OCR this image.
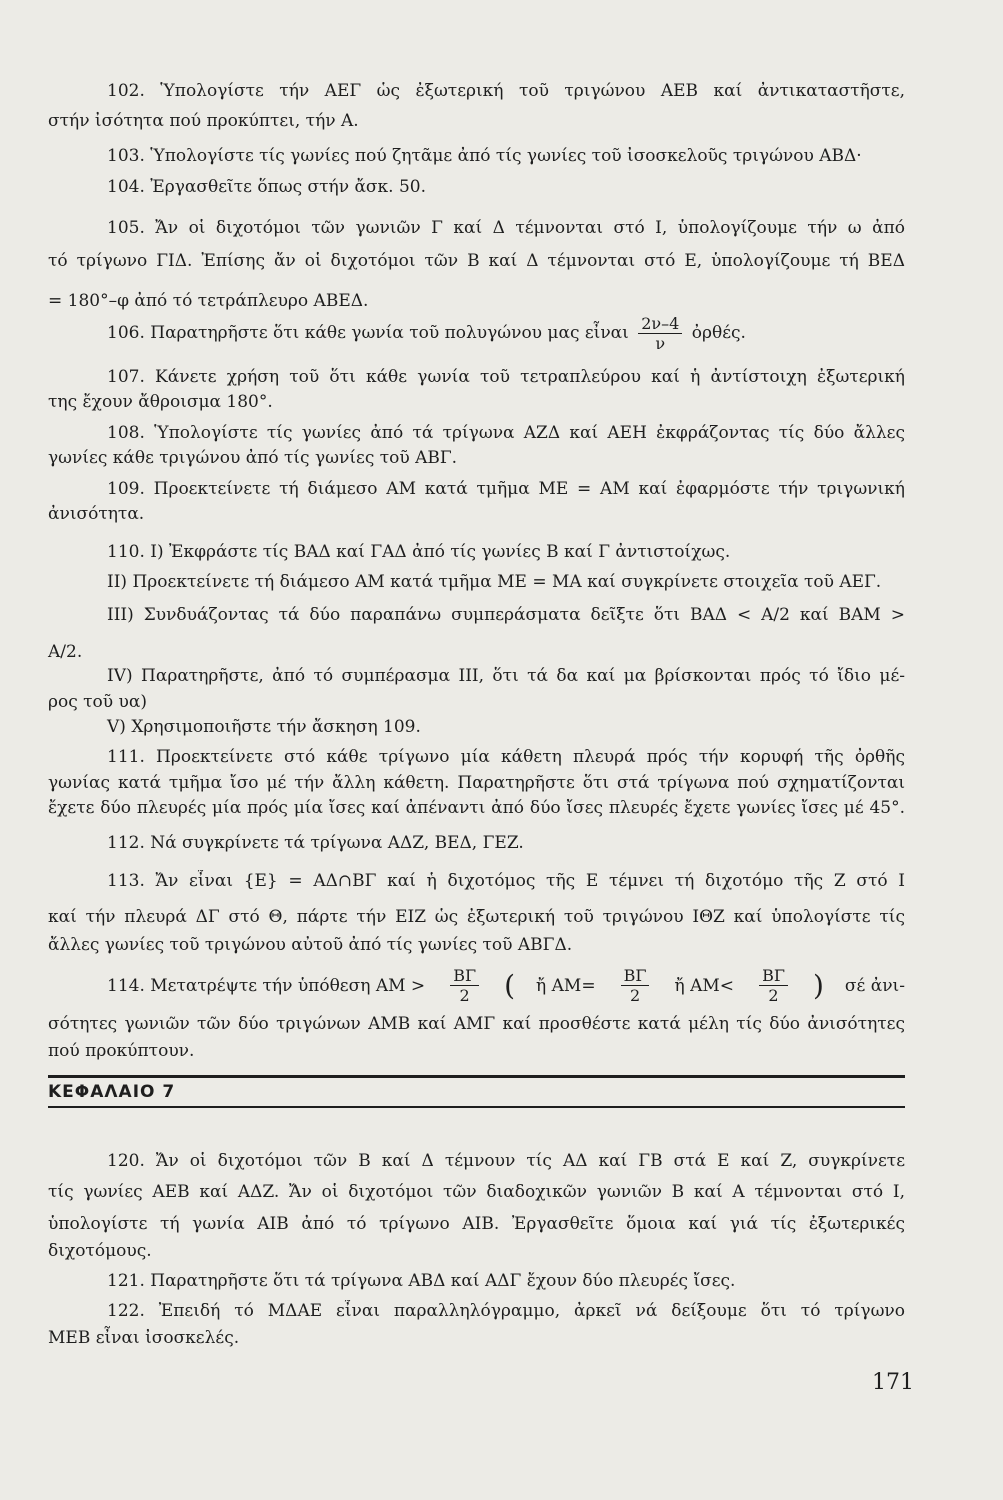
102. Ὑπολογίστε τήν AEΓ ὡς ἐξωτερική τοῦ τριγώνου AEB καί ἀντικαταστῆστε,
στήν ἰσότητα πού προκύπτει, τήν A.
103. Ὑπολογίστε τίς γωνίες πού ζητᾶμε ἀπό τίς γωνίες τοῦ ἰσοσκελοῦς τριγώνου ABΔ·
104. Ἐργασθεῖτε ὅπως στήν ἄσκ. 50.
105. Ἄν οἱ διχοτόμοι τῶν γωνιῶν Γ καί Δ τέμνονται στό I, ὑπολογίζουμε τήν ω ἀπό
τό τρίγωνο ΓIΔ. Ἐπίσης ἄν οἱ διχοτόμοι τῶν B καί Δ τέμνονται στό E, ὑπολογίζουμε τή BEΔ
= 180°–φ ἀπό τό τετράπλευρο ABEΔ.
107. Κάνετε χρήση τοῦ ὅτι κάθε γωνία τοῦ τετραπλεύρου καί ἡ ἀντίστοιχη ἐξωτερική
της ἔχουν ἄθροισμα 180°.
108. Ὑπολογίστε τίς γωνίες ἀπό τά τρίγωνα AZΔ καί AEH ἐκφράζοντας τίς δύο ἄλλες
γωνίες κάθε τριγώνου ἀπό τίς γωνίες τοῦ ABΓ.
109. Προεκτείνετε τή διάμεσο AM κατά τμῆμα ME = AM καί ἐφαρμόστε τήν τριγωνική
ἀνισότητα.
110. I) Ἐκφράστε τίς BAΔ καί ΓAΔ ἀπό τίς γωνίες B καί Γ ἀντιστοίχως.
II) Προεκτείνετε τή διάμεσο AM κατά τμῆμα ME = MA καί συγκρίνετε στοιχεῖα τοῦ AEΓ.
III) Συνδυάζοντας τά δύο παραπάνω συμπεράσματα δεῖξτε ὅτι BAΔ < A/2 καί BAM >
A/2.
IV) Παρατηρῆστε, ἀπό τό συμπέρασμα III, ὅτι τά δα καί μα βρίσκονται πρός τό ἴδιο μέ-
ρος τοῦ υα)
V) Χρησιμοποιῆστε τήν ἄσκηση 109.
111. Προεκτείνετε στό κάθε τρίγωνο μία κάθετη πλευρά πρός τήν κορυφή τῆς ὀρθῆς
γωνίας κατά τμῆμα ἴσο μέ τήν ἄλλη κάθετη. Παρατηρῆστε ὅτι στά τρίγωνα πού σχηματίζονται
ἔχετε δύο πλευρές μία πρός μία ἴσες καί ἀπέναντι ἀπό δύο ἴσες πλευρές ἔχετε γωνίες ἴσες μέ 45°.
112. Νά συγκρίνετε τά τρίγωνα AΔZ, BEΔ, ΓEZ.
113. Ἄν εἶναι {E} = AΔ∩BΓ καί ἡ διχοτόμος τῆς E τέμνει τή διχοτόμο τῆς Z στό I
καί τήν πλευρά ΔΓ στό Θ, πάρτε τήν EIZ ὡς ἐξωτερική τοῦ τριγώνου IΘZ καί ὑπολογίστε τίς
ἄλλες γωνίες τοῦ τριγώνου αὐτοῦ ἀπό τίς γωνίες τοῦ ABΓΔ.
σότητες γωνιῶν τῶν δύο τριγώνων AMB καί AMΓ καί προσθέστε κατά μέλη τίς δύο ἀνισότητες
πού προκύπτουν.
120. Ἄν οἱ διχοτόμοι τῶν B καί Δ τέμνουν τίς AΔ καί ΓB στά E καί Z, συγκρίνετε
τίς γωνίες AEB καί AΔZ. Ἄν οἱ διχοτόμοι τῶν διαδοχικῶν γωνιῶν B καί A τέμνονται στό I,
ὑπολογίστε τή γωνία AIB ἀπό τό τρίγωνο AIB. Ἐργασθεῖτε ὅμοια καί γιά τίς ἐξωτερικές
διχοτόμους.
121. Παρατηρῆστε ὅτι τά τρίγωνα ABΔ καί AΔΓ ἔχουν δύο πλευρές ἴσες.
122. Ἐπειδή τό MΔAE εἶναι παραλληλόγραμμο, ἀρκεῖ νά δείξουμε ὅτι τό τρίγωνο
MEB εἶναι ἰσοσκελές.
106. Παρατηρῆστε ὅτι κάθε γωνία τοῦ πολυγώνου μας εἶναι $\frac{2\nu-4}{\nu}$ ὀρθές.
114. Μετατρέψτε τήν ὑπόθεση AM > $\frac{B\Gamma}{2}$ ( ἤ $AM= \frac{B\Gamma}{2}$ ἤ $AM< \frac{B\Gamma}{2}$ ) σέ ἀνι-
ΚΕΦΑΛΑΙΟ 7
171
